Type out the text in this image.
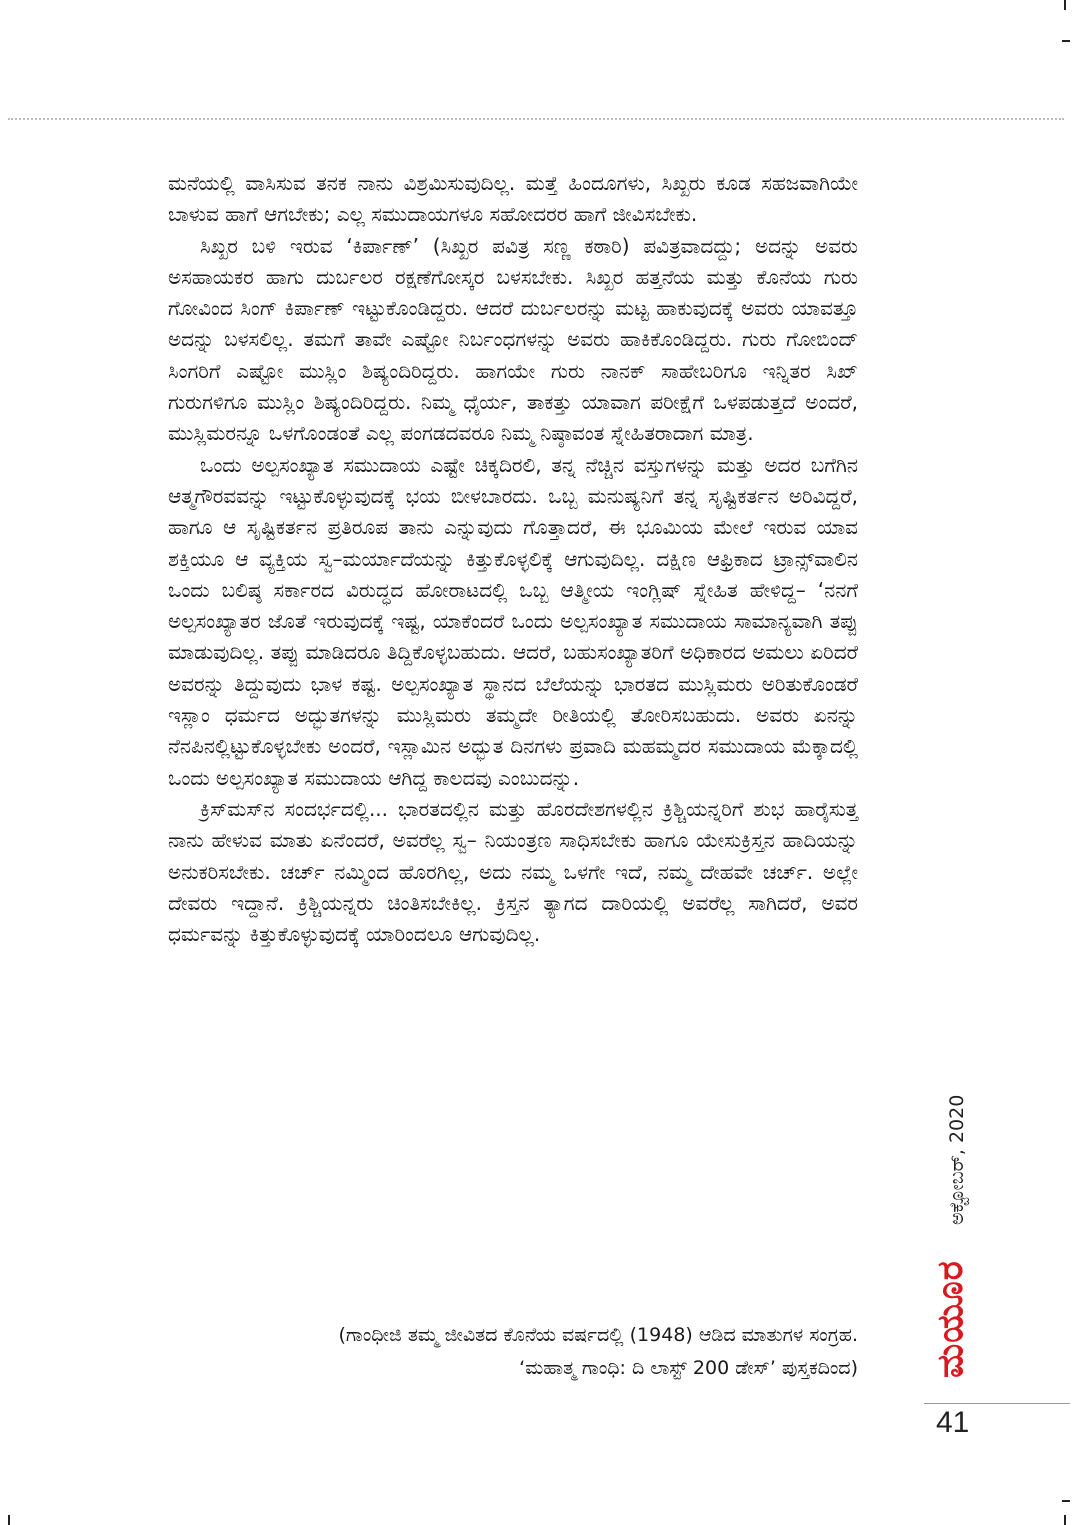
ಮನೆಯಲ್ಲಿ ವಾಸಿಸುವ ತನಕ ನಾನು ವಿಶ್ರಮಿಸುವುದಿಲ್ಲ. ಮತ್ತೆ ಹಿಂದೂಗಳು, ಸಿಖ್ಖರು ಕೂಡ ಸಹಜವಾಗಿಯೇ ಬಾಳುವ ಹಾಗೆ ಆಗಬೇಕು; ಎಲ್ಲ ಸಮುದಾಯಗಳೂ ಸಹೋದರರ ಹಾಗೆ ಜೀವಿಸಬೇಕು.

ಸಿಖ್ಖರ ಬಳಿ ಇರುವ ‘ಕಿರ್ಪಾಣ್’ (ಸಿಖ್ಖರ ಪವಿತ್ರ ಸಣ್ಣ ಕಠಾರಿ) ಪವಿತ್ರವಾದದ್ದು; ಅದನ್ನು ಅವರು ಅಸಹಾಯಕರ ಹಾಗು ದುರ್ಬಲರ ರಕ್ಷಣೆಗೋಸ್ಕರ ಬಳಸಬೇಕು. ಸಿಖ್ಖರ ಹತ್ತನೆಯ ಮತ್ತು ಕೊನೆಯ ಗುರು ಗೋವಿಂದ ಸಿಂಗ್ ಕಿರ್ಪಾಣ್ ಇಟ್ಟುಕೊಂಡಿದ್ದರು. ಆದರೆ ದುರ್ಬಲರನ್ನು ಮಟ್ಟ ಹಾಕುವುದಕ್ಕೆ ಅವರು ಯಾವತ್ತೂ ಅದನ್ನು ಬಳಸಲಿಲ್ಲ. ತಮಗೆ ತಾವೇ ಎಷ್ಟೋ ನಿರ್ಬಂಧಗಳನ್ನು ಅವರು ಹಾಕಿಕೊಂಡಿದ್ದರು. ಗುರು ಗೋಬಿಂದ್ ಸಿಂಗರಿಗೆ ಎಷ್ಟೋ ಮುಸ್ಲಿಂ ಶಿಷ್ಯಂದಿರಿದ್ದರು. ಹಾಗಯೇ ಗುರು ನಾನಕ್ ಸಾಹೇಬರಿಗೂ ಇನ್ನಿತರ ಸಿಖ್ ಗುರುಗಳಿಗೂ ಮುಸ್ಲಿಂ ಶಿಷ್ಯಂದಿರಿದ್ದರು. ನಿಮ್ಮ ಧೈರ್ಯ, ತಾಕತ್ತು ಯಾವಾಗ ಪರೀಕ್ಷೆಗೆ ಒಳಪಡುತ್ತದೆ ಅಂದರೆ, ಮುಸ್ಲಿಮರನ್ನೂ ಒಳಗೊಂಡಂತೆ ಎಲ್ಲ ಪಂಗಡದವರೂ ನಿಮ್ಮ ನಿಷ್ಠಾವಂತ ಸ್ನೇಹಿತರಾದಾಗ ಮಾತ್ರ.

ಒಂದು ಅಲ್ಪಸಂಖ್ಯಾತ ಸಮುದಾಯ ಎಷ್ಟೇ ಚಿಕ್ಕದಿರಲಿ, ತನ್ನ ನೆಚ್ಚಿನ ವಸ್ತುಗಳನ್ನು ಮತ್ತು ಅದರ ಬಗೆಗಿನ ಆತ್ಮಗೌರವವನ್ನು ಇಟ್ಟುಕೊಳ್ಳುವುದಕ್ಕೆ ಭಯ ಬೀಳಬಾರದು. ಒಬ್ಬ ಮನುಷ್ಯನಿಗೆ ತನ್ನ ಸೃಷ್ಟಿಕರ್ತನ ಅರಿವಿದ್ದರೆ, ಹಾಗೂ ಆ ಸೃಷ್ಟಿಕರ್ತನ ಪ್ರತಿರೂಪ ತಾನು ಎನ್ನುವುದು ಗೊತ್ತಾದರೆ, ಈ ಭೂಮಿಯ ಮೇಲೆ ಇರುವ ಯಾವ ಶಕ್ತಿಯೂ ಆ ವ್ಯಕ್ತಿಯ ಸ್ವ–ಮರ್ಯಾದೆಯನ್ನು ಕಿತ್ತುಕೊಳ್ಳಲಿಕ್ಕೆ ಆಗುವುದಿಲ್ಲ. ದಕ್ಷಿಣ ಆಫ್ರಿಕಾದ ಟ್ರಾನ್ಸ್‌ವಾಲಿನ ಒಂದು ಬಲಿಷ್ಠ ಸರ್ಕಾರದ ವಿರುದ್ಧದ ಹೋರಾಟದಲ್ಲಿ ಒಬ್ಬ ಆತ್ಮೀಯ ಇಂಗ್ಲಿಷ್ ಸ್ನೇಹಿತ ಹೇಳಿದ್ದ– ‘ನನಗೆ ಅಲ್ಪಸಂಖ್ಯಾತರ ಜೊತೆ ಇರುವುದಕ್ಕೆ ಇಷ್ಟ, ಯಾಕೆಂದರೆ ಒಂದು ಅಲ್ಪಸಂಖ್ಯಾತ ಸಮುದಾಯ ಸಾಮಾನ್ಯವಾಗಿ ತಪ್ಪು ಮಾಡುವುದಿಲ್ಲ. ತಪ್ಪು ಮಾಡಿದರೂ ತಿದ್ದಿಕೊಳ್ಳಬಹುದು. ಆದರೆ, ಬಹುಸಂಖ್ಯಾತರಿಗೆ ಅಧಿಕಾರದ ಅಮಲು ಏರಿದರೆ ಅವರನ್ನು ತಿದ್ದುವುದು ಭಾಳ ಕಷ್ಟ. ಅಲ್ಪಸಂಖ್ಯಾತ ಸ್ಥಾನದ ಬೆಲೆಯನ್ನು ಭಾರತದ ಮುಸ್ಲಿಮರು ಅರಿತುಕೊಂಡರೆ ಇಸ್ಲಾಂ ಧರ್ಮದ ಅದ್ಭುತಗಳನ್ನು ಮುಸ್ಲಿಮರು ತಮ್ಮದೇ ರೀತಿಯಲ್ಲಿ ತೋರಿಸಬಹುದು. ಅವರು ಏನನ್ನು ನೆನಪಿನಲ್ಲಿಟ್ಟುಕೊಳ್ಳಬೇಕು ಅಂದರೆ, ಇಸ್ಲಾಮಿನ ಅದ್ಭುತ ದಿನಗಳು ಪ್ರವಾದಿ ಮಹಮ್ಮದರ ಸಮುದಾಯ ಮೆಕ್ಕಾದಲ್ಲಿ ಒಂದು ಅಲ್ಪಸಂಖ್ಯಾತ ಸಮುದಾಯ ಆಗಿದ್ದ ಕಾಲದವು ಎಂಬುದನ್ನು.

ಕ್ರಿಸ್‌ಮಸ್‌ನ ಸಂದರ್ಭದಲ್ಲಿ... ಭಾರತದಲ್ಲಿನ ಮತ್ತು ಹೊರದೇಶಗಳಲ್ಲಿನ ಕ್ರಿಶ್ಚಿಯನ್ನರಿಗೆ ಶುಭ ಹಾರೈಸುತ್ತ ನಾನು ಹೇಳುವ ಮಾತು ಏನೆಂದರೆ, ಅವರೆಲ್ಲ ಸ್ವ– ನಿಯಂತ್ರಣ ಸಾಧಿಸಬೇಕು ಹಾಗೂ ಯೇಸುಕ್ರಿಸ್ತನ ಹಾದಿಯನ್ನು ಅನುಕರಿಸಬೇಕು. ಚರ್ಚ್ ನಮ್ಮಿಂದ ಹೊರಗಿಲ್ಲ, ಅದು ನಮ್ಮ ಒಳಗೇ ಇದೆ, ನಮ್ಮ ದೇಹವೇ ಚರ್ಚ್. ಅಲ್ಲೇ ದೇವರು ಇದ್ದಾನೆ. ಕ್ರಿಶ್ಚಿಯನ್ನರು ಚಿಂತಿಸಬೇಕಿಲ್ಲ. ಕ್ರಿಸ್ತನ ತ್ಯಾಗದ ದಾರಿಯಲ್ಲಿ ಅವರೆಲ್ಲ ಸಾಗಿದರೆ, ಅವರ ಧರ್ಮವನ್ನು ಕಿತ್ತುಕೊಳ್ಳುವುದಕ್ಕೆ ಯಾರಿಂದಲೂ ಆಗುವುದಿಲ್ಲ.

(ಗಾಂಧೀಜಿ ತಮ್ಮ ಜೀವಿತದ ಕೊನೆಯ ವರ್ಷದಲ್ಲಿ (1948) ಆಡಿದ ಮಾತುಗಳ ಸಂಗ್ರಹ.
‘ಮಹಾತ್ಮ ಗಾಂಧಿ: ದಿ ಲಾಸ್ಟ್ 200 ಡೇಸ್’ ಪುಸ್ತಕದಿಂದ)
ಅಕ್ಟೋಬರ್, 2020
ಮಯೂರ
41
